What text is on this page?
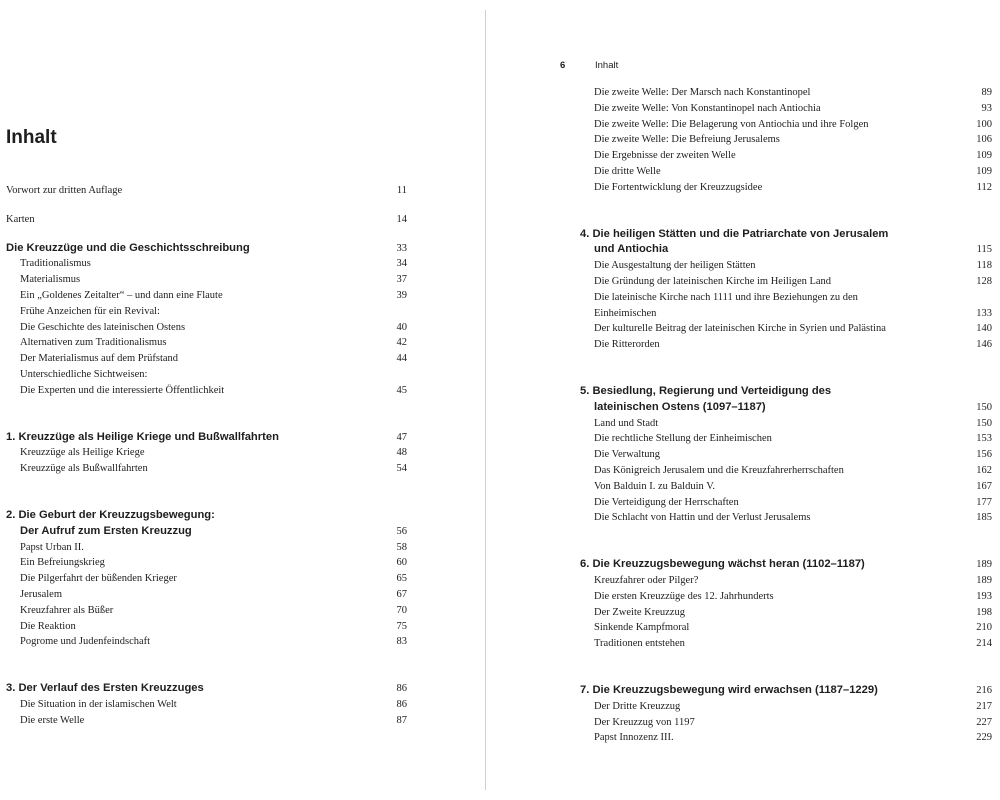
Inhalt
Vorwort zur dritten Auflage	11
Karten	14
Die Kreuzzüge und die Geschichtsschreibung	33
Traditionalismus	34
Materialismus	37
Ein „Goldenes Zeitalter“ – und dann eine Flaute	39
Frühe Anzeichen für ein Revival:
Die Geschichte des lateinischen Ostens	40
Alternativen zum Traditionalismus	42
Der Materialismus auf dem Prüfstand	44
Unterschiedliche Sichtweisen:
Die Experten und die interessierte Öffentlichkeit	45
1. Kreuzzüge als Heilige Kriege und Bußwallfahrten	47
Kreuzzüge als Heilige Kriege	48
Kreuzzüge als Bußwallfahrten	54
2. Die Geburt der Kreuzzugsbewegung:
Der Aufruf zum Ersten Kreuzzug	56
Papst Urban II.	58
Ein Befreiungskrieg	60
Die Pilgerfahrt der büßenden Krieger	65
Jerusalem	67
Kreuzfahrer als Büßer	70
Die Reaktion	75
Pogrome und Judenfeindschaft	83
3. Der Verlauf des Ersten Kreuzzuges	86
Die Situation in der islamischen Welt	86
Die erste Welle	87
6	Inhalt
Die zweite Welle: Der Marsch nach Konstantinopel	89
Die zweite Welle: Von Konstantinopel nach Antiochia	93
Die zweite Welle: Die Belagerung von Antiochia und ihre Folgen	100
Die zweite Welle: Die Befreiung Jerusalems	106
Die Ergebnisse der zweiten Welle	109
Die dritte Welle	109
Die Fortentwicklung der Kreuzzugsidee	112
4. Die heiligen Stätten und die Patriarchate von Jerusalem
und Antiochia	115
Die Ausgestaltung der heiligen Stätten	118
Die Gründung der lateinischen Kirche im Heiligen Land	128
Die lateinische Kirche nach 1111 und ihre Beziehungen zu den
Einheimischen	133
Der kulturelle Beitrag der lateinischen Kirche in Syrien und Palästina	140
Die Ritterorden	146
5. Besiedlung, Regierung und Verteidigung des
lateinischen Ostens (1097–1187)	150
Land und Stadt	150
Die rechtliche Stellung der Einheimischen	153
Die Verwaltung	156
Das Königreich Jerusalem und die Kreuzfahrerherrschaften	162
Von Balduin I. zu Balduin V.	167
Die Verteidigung der Herrschaften	177
Die Schlacht von Hattin und der Verlust Jerusalems	185
6. Die Kreuzzugsbewegung wächst heran (1102–1187)	189
Kreuzfahrer oder Pilger?	189
Die ersten Kreuzzüge des 12. Jahrhunderts	193
Der Zweite Kreuzzug	198
Sinkende Kampfmoral	210
Traditionen entstehen	214
7. Die Kreuzzugsbewegung wird erwachsen (1187–1229)	216
Der Dritte Kreuzzug	217
Der Kreuzzug von 1197	227
Papst Innozenz III.	229
